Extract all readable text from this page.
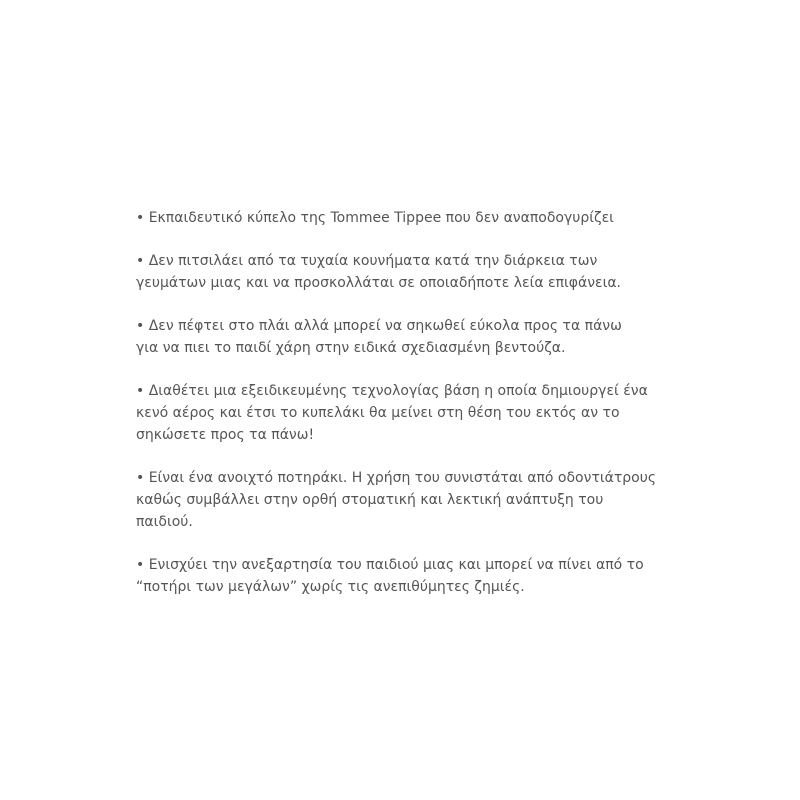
• Εκπαιδευτικό κύπελο της Tommee Tippee που δεν αναποδογυρίζει
• Δεν πιτσιλάει από τα τυχαία κουνήματα κατά την διάρκεια των
γευμάτων μιας και να προσκολλάται σε οποιαδήποτε λεία επιφάνεια.
• Δεν πέφτει στο πλάι αλλά μπορεί να σηκωθεί εύκολα προς τα πάνω
για να πιει το παιδί χάρη στην ειδικά σχεδιασμένη βεντούζα.
• Διαθέτει μια εξειδικευμένης τεχνολογίας βάση η οποία δημιουργεί ένα
κενό αέρος και έτσι το κυπελάκι θα μείνει στη θέση του εκτός αν το
σηκώσετε προς τα πάνω!
• Είναι ένα ανοιχτό ποτηράκι. Η χρήση του συνιστάται από οδοντιάτρους
καθώς συμβάλλει στην ορθή στοματική και λεκτική ανάπτυξη του
παιδιού.
• Ενισχύει την ανεξαρτησία του παιδιού μιας και μπορεί να πίνει από το
“ποτήρι των μεγάλων” χωρίς τις ανεπιθύμητες ζημιές.
